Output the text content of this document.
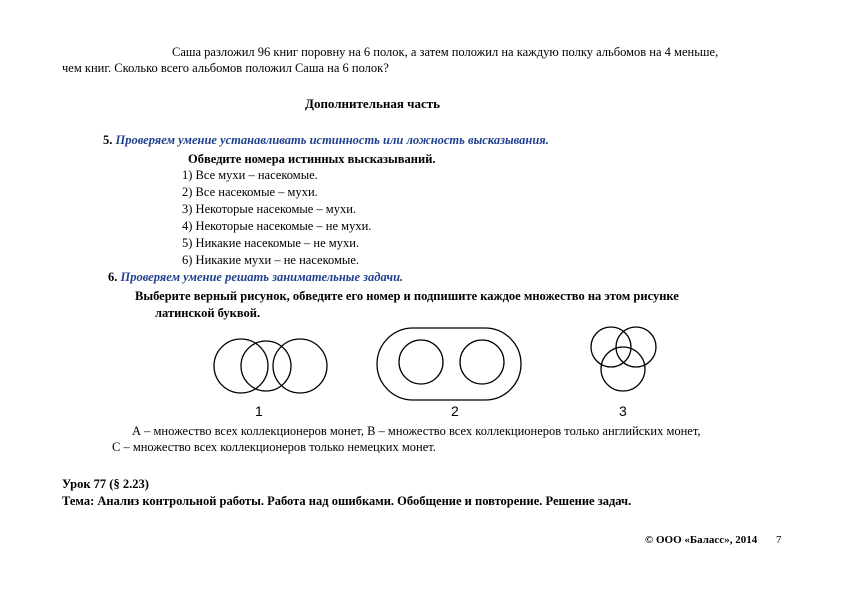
Саша разложил 96 книг поровну на 6 полок, а затем положил на каждую полку альбомов на 4 меньше,
чем книг. Сколько всего альбомов положил Саша на 6 полок?
Дополнительная часть
5. Проверяем умение устанавливать истинность или ложность высказывания.
Обведите номера истинных высказываний.
1) Все мухи – насекомые.
2) Все насекомые – мухи.
3) Некоторые насекомые – мухи.
4) Некоторые насекомые – не мухи.
5) Никакие насекомые – не мухи.
6) Никакие мухи – не насекомые.
6. Проверяем умение решать занимательные задачи.
Выберите верный рисунок, обведите его номер и подпишите каждое множество на этом рисунке
латинской буквой.
1	2	3
А – множество всех коллекционеров монет, В – множество всех коллекционеров только английских монет,
С – множество всех коллекционеров только немецких монет.
Урок 77 (§ 2.23)
Тема: Анализ контрольной работы. Работа над ошибками. Обобщение и повторение. Решение задач.
© ООО «Баласс», 2014 7
